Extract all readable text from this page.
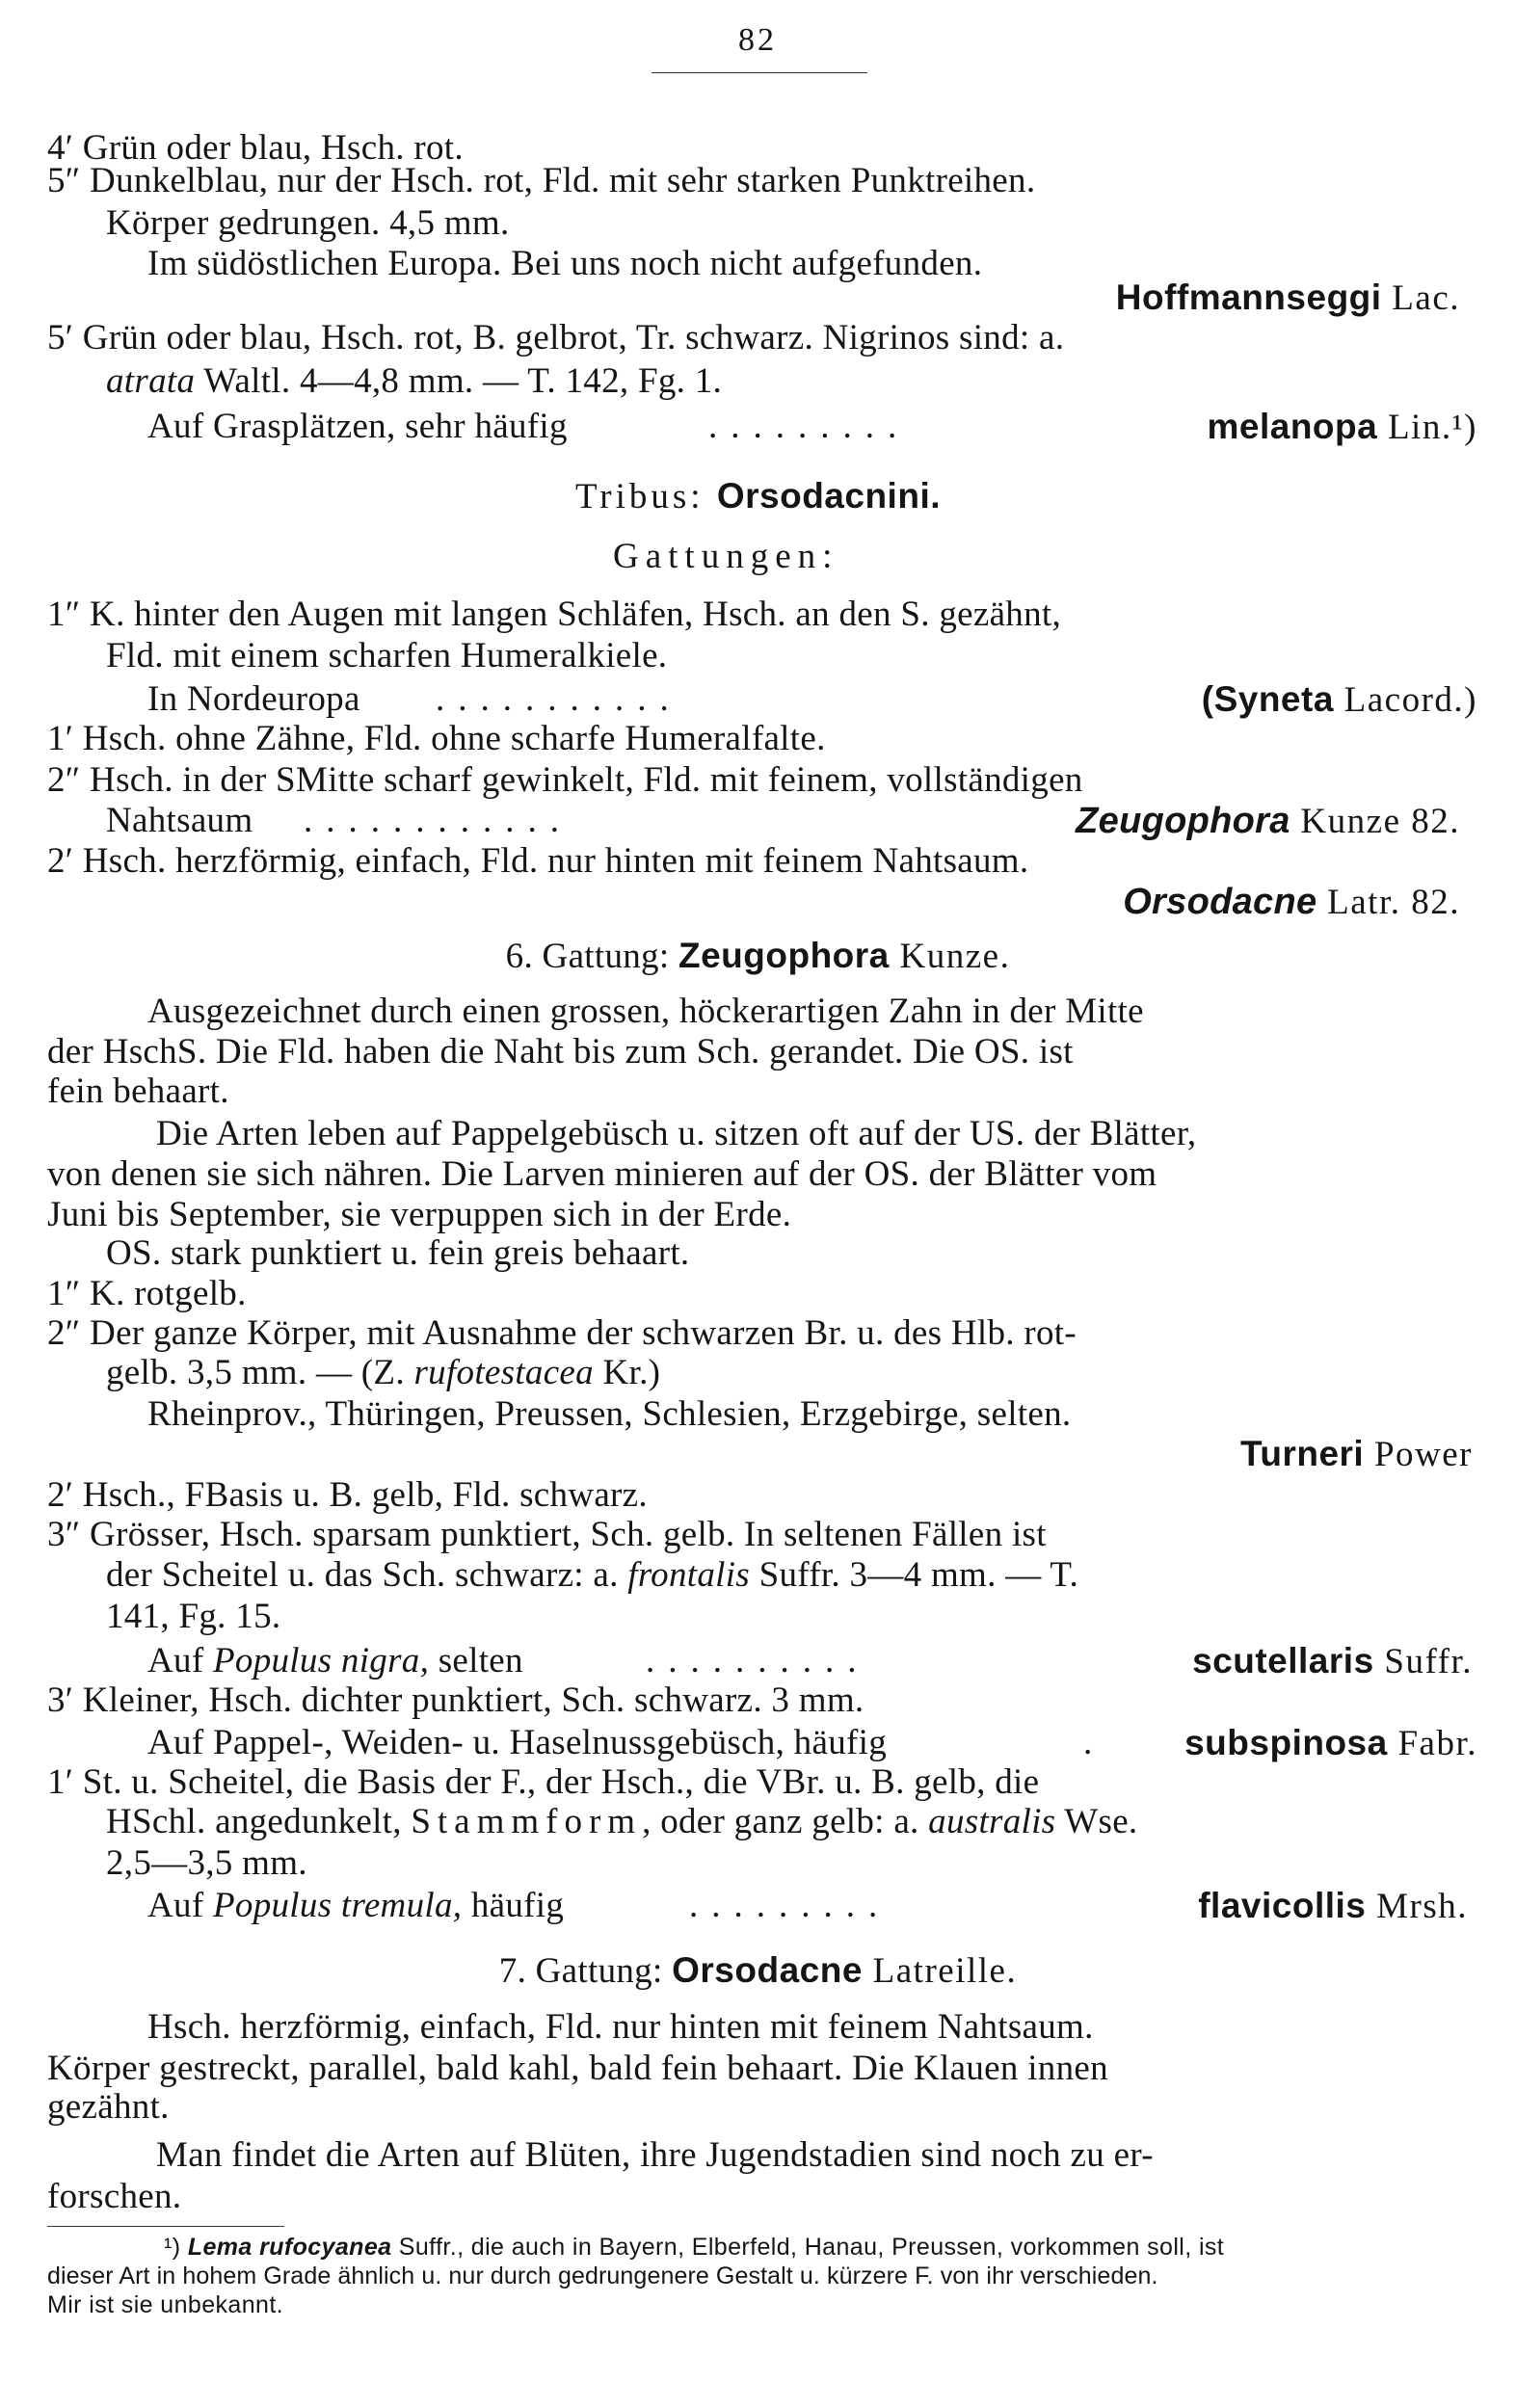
82
4′ Grün oder blau, Hsch. rot.
5″ Dunkelblau, nur der Hsch. rot, Fld. mit sehr starken Punktreihen.
Körper gedrungen. 4,5 mm.
Im südöstlichen Europa. Bei uns noch nicht aufgefunden.
Hoffmannseggi Lac.
5′ Grün oder blau, Hsch. rot, B. gelbrot, Tr. schwarz. Nigrinos sind: a.
atrata Waltl. 4—4,8 mm. — T. 142, Fg. 1.
Auf Grasplätzen, sehr häufig	.........	melanopa Lin.¹)
Tribus: Orsodacnini.
Gattungen:
1″ K. hinter den Augen mit langen Schläfen, Hsch. an den S. gezähnt,
Fld. mit einem scharfen Humeralkiele.
In Nordeuropa ...........	(Syneta Lacord.)
1′ Hsch. ohne Zähne, Fld. ohne scharfe Humeralfalte.
2″ Hsch. in der SMitte scharf gewinkelt, Fld. mit feinem, vollständigen
Nahtsaum ............	Zeugophora Kunze 82.
2′ Hsch. herzförmig, einfach, Fld. nur hinten mit feinem Nahtsaum.
Orsodacne Latr. 82.
6. Gattung: Zeugophora Kunze.
Ausgezeichnet durch einen grossen, höckerartigen Zahn in der Mitte
der HschS. Die Fld. haben die Naht bis zum Sch. gerandet. Die OS. ist
fein behaart.
Die Arten leben auf Pappelgebüsch u. sitzen oft auf der US. der Blätter,
von denen sie sich nähren. Die Larven minieren auf der OS. der Blätter vom
Juni bis September, sie verpuppen sich in der Erde.
OS. stark punktiert u. fein greis behaart.
1″ K. rotgelb.
2″ Der ganze Körper, mit Ausnahme der schwarzen Br. u. des Hlb. rot-
gelb. 3,5 mm. — (Z. rufotestacea Kr.)
Rheinprov., Thüringen, Preussen, Schlesien, Erzgebirge, selten.
Turneri Power
2′ Hsch., FBasis u. B. gelb, Fld. schwarz.
3″ Grösser, Hsch. sparsam punktiert, Sch. gelb. In seltenen Fällen ist
der Scheitel u. das Sch. schwarz: a. frontalis Suffr. 3—4 mm. — T.
141, Fg. 15.
Auf Populus nigra, selten	..........	scutellaris Suffr.
3′ Kleiner, Hsch. dichter punktiert, Sch. schwarz. 3 mm.
Auf Pappel-, Weiden- u. Haselnussgebüsch, häufig	.	subspinosa Fabr.
1′ St. u. Scheitel, die Basis der F., der Hsch., die VBr. u. B. gelb, die
HSchl. angedunkelt, Stammform, oder ganz gelb: a. australis Wse.
2,5—3,5 mm.
Auf Populus tremula, häufig	.........	flavicollis Mrsh.
7. Gattung: Orsodacne Latreille.
Hsch. herzförmig, einfach, Fld. nur hinten mit feinem Nahtsaum.
Körper gestreckt, parallel, bald kahl, bald fein behaart. Die Klauen innen
gezähnt.
Man findet die Arten auf Blüten, ihre Jugendstadien sind noch zu er-
forschen.
¹) Lema rufocyanea Suffr., die auch in Bayern, Elberfeld, Hanau, Preussen, vorkommen soll, ist
dieser Art in hohem Grade ähnlich u. nur durch gedrungenere Gestalt u. kürzere F. von ihr verschieden.
Mir ist sie unbekannt.
